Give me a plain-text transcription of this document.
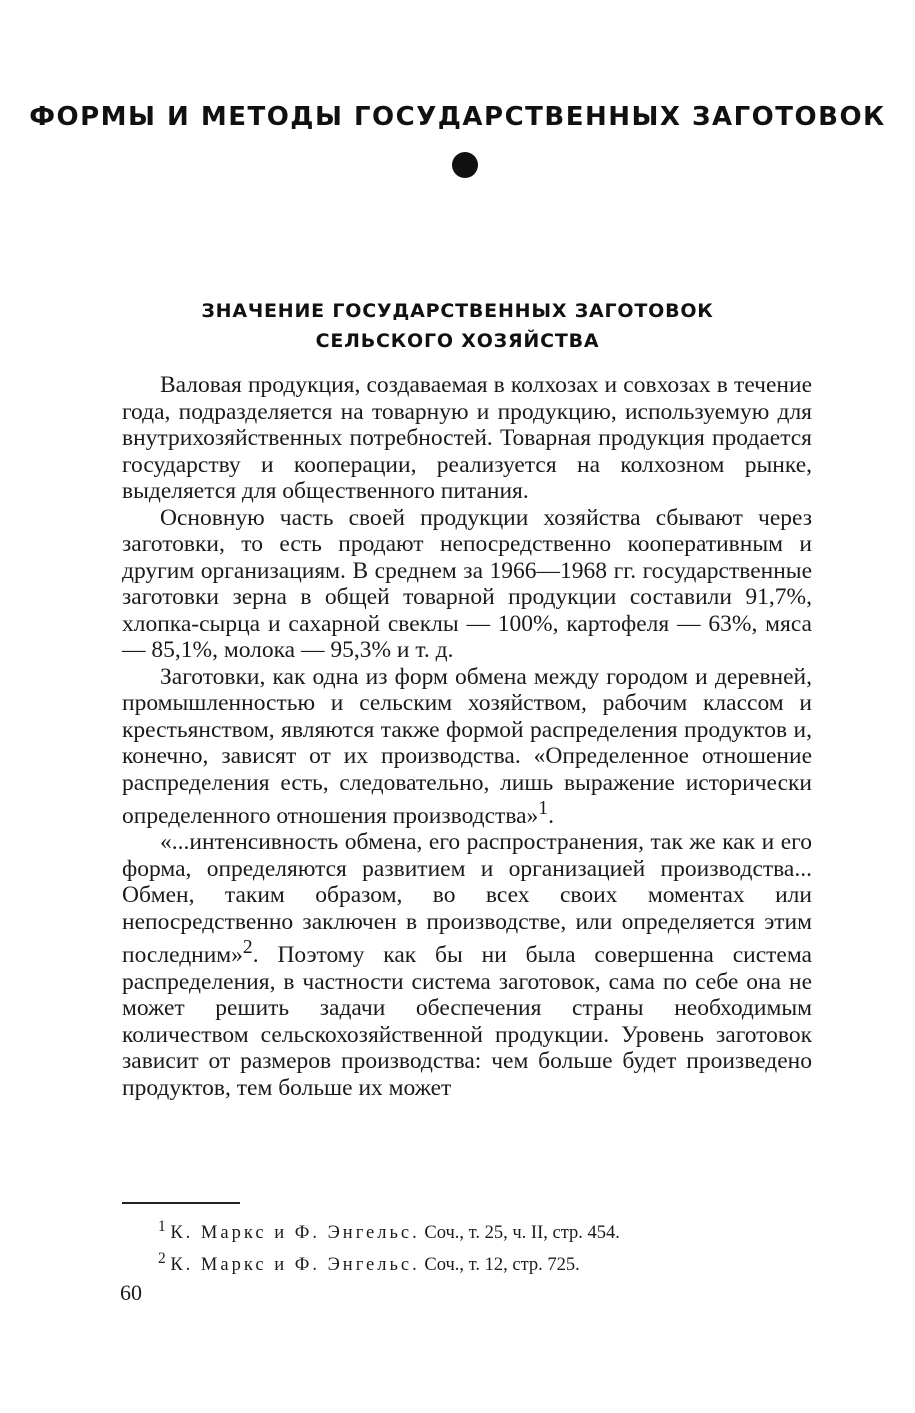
ФОРМЫ И МЕТОДЫ ГОСУДАРСТВЕННЫХ ЗАГОТОВОК
ЗНАЧЕНИЕ ГОСУДАРСТВЕННЫХ ЗАГОТОВОК
СЕЛЬСКОГО ХОЗЯЙСТВА

Валовая продукция, создаваемая в колхозах и совхозах в течение года, подразделяется на товарную и продукцию, используемую для внутрихозяйственных потребностей. Товарная продукция продается государству и кооперации, реализуется на колхозном рынке, выделяется для общественного питания.

Основную часть своей продукции хозяйства сбывают через заготовки, то есть продают непосредственно кооперативным и другим организациям. В среднем за 1966—1968 гг. государственные заготовки зерна в общей товарной продукции составили 91,7%, хлопка-сырца и сахарной свеклы — 100%, картофеля — 63%, мяса — 85,1%, молока — 95,3% и т. д.

Заготовки, как одна из форм обмена между городом и деревней, промышленностью и сельским хозяйством, рабочим классом и крестьянством, являются также формой распределения продуктов и, конечно, зависят от их производства. «Определенное отношение распределения есть, следовательно, лишь выражение исторически определенного отношения производства»$^1$.

«...интенсивность обмена, его распространения, так же как и его форма, определяются развитием и организацией производства... Обмен, таким образом, во всех своих моментах или непосредственно заключен в производстве, или определяется этим последним»$^2$. Поэтому как бы ни была совершенна система распределения, в частности система заготовок, сама по себе она не может решить задачи обеспечения страны необходимым количеством сельскохозяйственной продукции. Уровень заготовок зависит от размеров производства: чем больше будет произведено продуктов, тем больше их может

$^1$ К. Маркс и Ф. Энгельс. Соч., т. 25, ч. II, стр. 454.
$^2$ К. Маркс и Ф. Энгельс. Соч., т. 12, стр. 725.
60
